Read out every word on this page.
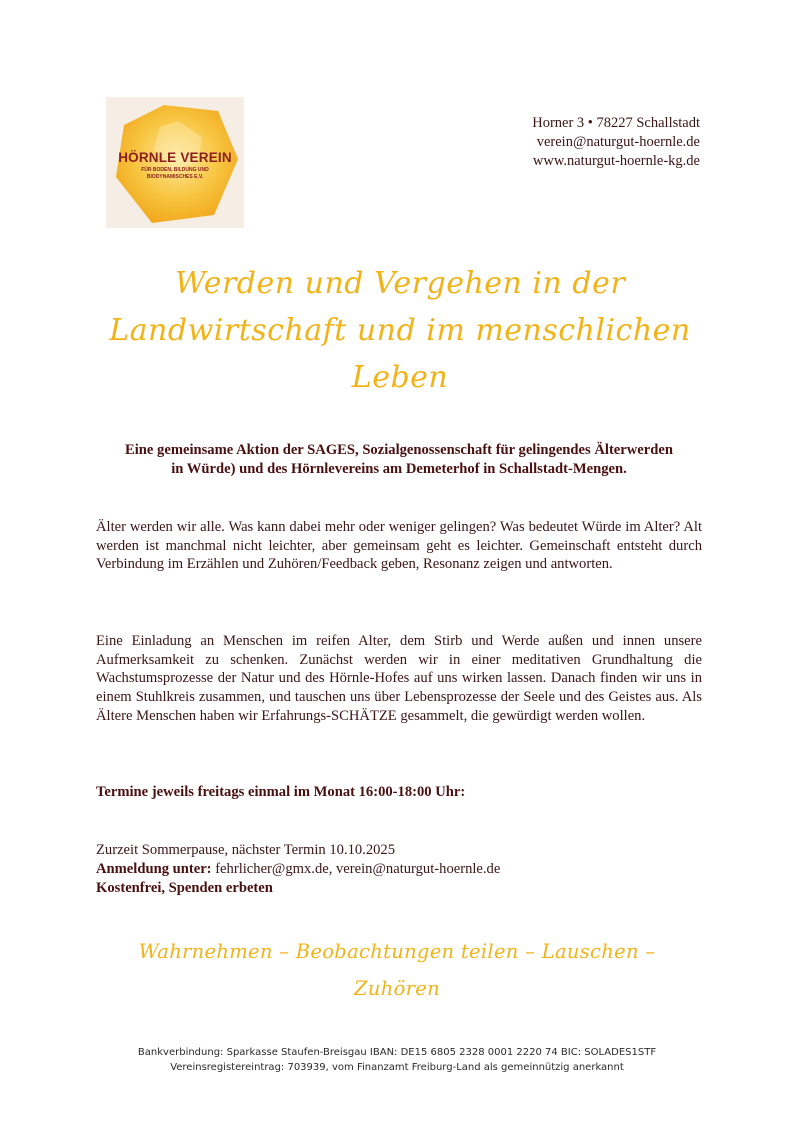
HÖRNLE VEREIN
FÜR BODEN, BILDUNG UND
BIODYNAMISCHES E.V.
Horner 3 • 78227 Schallstadt
verein@naturgut-hoernle.de
www.naturgut-hoernle-kg.de
Werden und Vergehen in der
Landwirtschaft und im menschlichen
Leben
Eine gemeinsame Aktion der SAGES, Sozialgenossenschaft für gelingendes Älterwerden
in Würde) und des Hörnlevereins am Demeterhof in Schallstadt-Mengen.
Älter werden wir alle. Was kann dabei mehr oder weniger gelingen? Was bedeutet Würde im Alter? Alt werden ist manchmal nicht leichter, aber gemeinsam geht es leichter. Gemeinschaft entsteht durch Verbindung im Erzählen und Zuhören/Feedback geben, Resonanz zeigen und antworten.
Eine Einladung an Menschen im reifen Alter, dem Stirb und Werde außen und innen unsere Aufmerksamkeit zu schenken. Zunächst werden wir in einer meditativen Grundhaltung die Wachstumsprozesse der Natur und des Hörnle-Hofes auf uns wirken lassen. Danach finden wir uns in einem Stuhlkreis zusammen, und tauschen uns über Lebensprozesse der Seele und des Geistes aus. Als Ältere Menschen haben wir Erfahrungs-SCHÄTZE gesammelt, die gewürdigt werden wollen.
Termine jeweils freitags einmal im Monat 16:00-18:00 Uhr:
Zurzeit Sommerpause, nächster Termin 10.10.2025
Anmeldung unter: fehrlicher@gmx.de, verein@naturgut-hoernle.de
Kostenfrei, Spenden erbeten
Wahrnehmen – Beobachtungen teilen – Lauschen –
Zuhören
Bankverbindung: Sparkasse Staufen-Breisgau IBAN: DE15 6805 2328 0001 2220 74 BIC: SOLADES1STF
Vereinsregistereintrag: 703939, vom Finanzamt Freiburg-Land als gemeinnützig anerkannt
